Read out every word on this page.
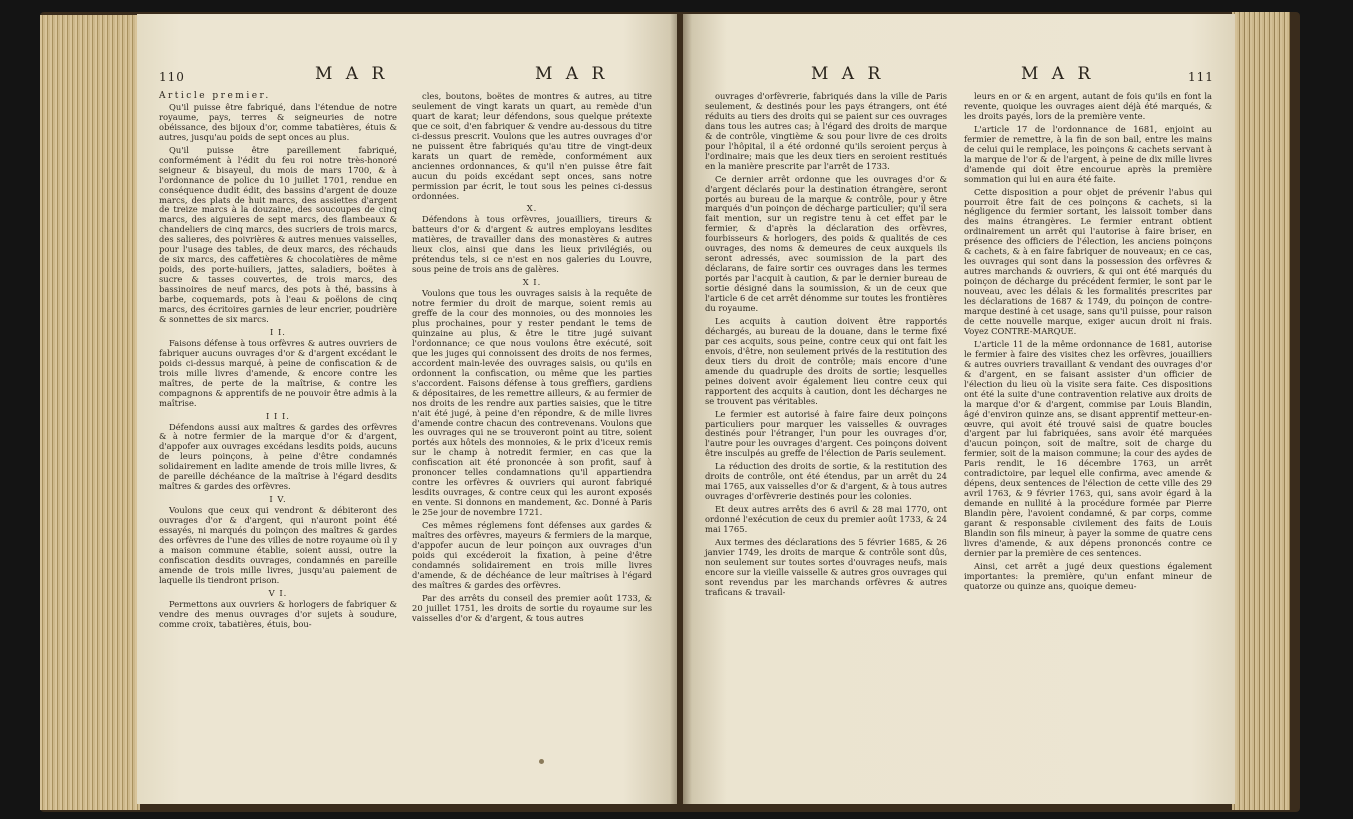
110	M A R	M A R

Article premier.

Qu'il puisse être fabriqué, dans l'étendue de notre royaume, pays, terres & seigneuries de notre obéissance, des bijoux d'or, comme tabatières, étuis & autres, jusqu'au poids de sept onces au plus.

Qu'il puisse être pareillement fabriqué, conformément à l'édit du feu roi notre très-honoré seigneur & bisayeul, du mois de mars 1700, & à l'ordonnance de police du 10 juillet 1701, rendue en conséquence dudit édit, des bassins d'argent de douze marcs, des plats de huit marcs, des assiettes d'argent de treize marcs à la douzaine, des soucoupes de cinq marcs, des aiguieres de sept marcs, des flambeaux & chandeliers de cinq marcs, des sucriers de trois marcs, des salieres, des poivrières & autres menues vaisselles, pour l'usage des tables, de deux marcs, des réchauds de six marcs, des caffetières & chocolatières de même poids, des porte-huiliers, jattes, saladiers, boëtes à sucre & tasses couvertes, de trois marcs, des bassinoires de neuf marcs, des pots à thé, bassins à barbe, coquemards, pots à l'eau & poëlons de cinq marcs, des écritoires garnies de leur encrier, poudrière & sonnettes de six marcs.

I I.

Faisons défense à tous orfèvres & autres ouvriers de fabriquer aucuns ouvrages d'or & d'argent excédant le poids ci-dessus marqué, à peine de confiscation & de trois mille livres d'amende, & encore contre les maîtres, de perte de la maîtrise, & contre les compagnons & apprentifs de ne pouvoir être admis à la maîtrise.

I I I.

Défendons aussi aux maîtres & gardes des orfèvres & à notre fermier de la marque d'or & d'argent, d'appofer aux ouvrages excédans lesdits poids, aucuns de leurs poinçons, à peine d'être condamnés solidairement en ladite amende de trois mille livres, & de pareille déchéance de la maîtrise à l'égard desdits maîtres & gardes des orfèvres.

I V.

Voulons que ceux qui vendront & débiteront des ouvrages d'or & d'argent, qui n'auront point été essayés, ni marqués du poinçon des maîtres & gardes des orfèvres de l'une des villes de notre royaume où il y a maison commune établie, soient aussi, outre la confiscation desdits ouvrages, condamnés en pareille amende de trois mille livres, jusqu'au paiement de laquelle ils tiendront prison.

V I.

Permettons aux ouvriers & horlogers de fabriquer & vendre des menus ouvrages d'or sujets à soudure, comme croix, tabatières, étuis, bou-

cles, boutons, boëtes de montres & autres, au titre seulement de vingt karats un quart, au remède d'un quart de karat; leur défendons, sous quelque prétexte que ce soit, d'en fabriquer & vendre au-dessous du titre ci-dessus prescrit. Voulons que les autres ouvrages d'or ne puissent être fabriqués qu'au titre de vingt-deux karats un quart de remède, conformément aux anciennes ordonnances, & qu'il n'en puisse être fait aucun du poids excédant sept onces, sans notre permission par écrit, le tout sous les peines ci-dessus ordonnées.

X.

Défendons à tous orfèvres, jouailliers, tireurs & batteurs d'or & d'argent & autres employans lesdites matières, de travailler dans des monastères & autres lieux clos, ainsi que dans les lieux privilégiés, ou prétendus tels, si ce n'est en nos galeries du Louvre, sous peine de trois ans de galères.

X I.

Voulons que tous les ouvrages saisis à la requête de notre fermier du droit de marque, soient remis au greffe de la cour des monnoies, ou des monnoies les plus prochaines, pour y rester pendant le tems de quinzaine au plus, & être le titre jugé suivant l'ordonnance; ce que nous voulons être exécuté, soit que les juges qui connoissent des droits de nos fermes, accordent main-levée des ouvrages saisis, ou qu'ils en ordonnent la confiscation, ou même que les parties s'accordent. Faisons défense à tous greffiers, gardiens & dépositaires, de les remettre ailleurs, & au fermier de nos droits de les rendre aux parties saisies, que le titre n'ait été jugé, à peine d'en répondre, & de mille livres d'amende contre chacun des contrevenans. Voulons que les ouvrages qui ne se trouveront point au titre, soient portés aux hôtels des monnoies, & le prix d'iceux remis sur le champ à notredit fermier, en cas que la confiscation ait été prononcée à son profit, sauf à prononcer telles condamnations qu'il appartiendra contre les orfèvres & ouvriers qui auront fabriqué lesdits ouvrages, & contre ceux qui les auront exposés en vente. Si donnons en mandement, &c. Donné à Paris le 25e jour de novembre 1721.

Ces mêmes réglemens font défenses aux gardes & maîtres des orfèvres, mayeurs & fermiers de la marque, d'appofer aucun de leur poinçon aux ouvrages d'un poids qui excéderoit la fixation, à peine d'être condamnés solidairement en trois mille livres d'amende, & de déchéance de leur maîtrises à l'égard des maîtres & gardes des orfèvres.

Par des arrêts du conseil des premier août 1733, & 20 juillet 1751, les droits de sortie du royaume sur les vaisselles d'or & d'argent, & tous autres

M A R	M A R	111

ouvrages d'orfèvrerie, fabriqués dans la ville de Paris seulement, & destinés pour les pays étrangers, ont été réduits au tiers des droits qui se paient sur ces ouvrages dans tous les autres cas; à l'égard des droits de marque & de contrôle, vingtième & sou pour livre de ces droits pour l'hôpital, il a été ordonné qu'ils seroient perçus à l'ordinaire; mais que les deux tiers en seroient restitués en la manière prescrite par l'arrêt de 1733.

Ce dernier arrêt ordonne que les ouvrages d'or & d'argent déclarés pour la destination étrangère, seront portés au bureau de la marque & contrôle, pour y être marqués d'un poinçon de décharge particulier; qu'il sera fait mention, sur un registre tenu à cet effet par le fermier, & d'après la déclaration des orfèvres, fourbisseurs & horlogers, des poids & qualités de ces ouvrages, des noms & demeures de ceux auxquels ils seront adressés, avec soumission de la part des déclarans, de faire sortir ces ouvrages dans les termes portés par l'acquit à caution, & par le dernier bureau de sortie désigné dans la soumission, & un de ceux que l'article 6 de cet arrêt dénomme sur toutes les frontières du royaume.

Les acquits à caution doivent être rapportés déchargés, au bureau de la douane, dans le terme fixé par ces acquits, sous peine, contre ceux qui ont fait les envois, d'être, non seulement privés de la restitution des deux tiers du droit de contrôle; mais encore d'une amende du quadruple des droits de sortie; lesquelles peines doivent avoir également lieu contre ceux qui rapportent des acquits à caution, dont les décharges ne se trouvent pas véritables.

Le fermier est autorisé à faire faire deux poinçons particuliers pour marquer les vaisselles & ouvrages destinés pour l'étranger, l'un pour les ouvrages d'or, l'autre pour les ouvrages d'argent. Ces poinçons doivent être insculpés au greffe de l'élection de Paris seulement.

La réduction des droits de sortie, & la restitution des droits de contrôle, ont été étendus, par un arrêt du 24 mai 1765, aux vaisselles d'or & d'argent, & à tous autres ouvrages d'orfèvrerie destinés pour les colonies.

Et deux autres arrêts des 6 avril & 28 mai 1770, ont ordonné l'exécution de ceux du premier août 1733, & 24 mai 1765.

Aux termes des déclarations des 5 février 1685, & 26 janvier 1749, les droits de marque & contrôle sont dûs, non seulement sur toutes sortes d'ouvrages neufs, mais encore sur la vieille vaisselle & autres gros ouvrages qui sont revendus par les marchands orfèvres & autres traficans & travail-

leurs en or & en argent, autant de fois qu'ils en font la revente, quoique les ouvrages aient déjà été marqués, & les droits payés, lors de la première vente.

L'article 17 de l'ordonnance de 1681, enjoint au fermier de remettre, à la fin de son bail, entre les mains de celui qui le remplace, les poinçons & cachets servant à la marque de l'or & de l'argent, à peine de dix mille livres d'amende qui doit être encourue après la première sommation qui lui en aura été faite.

Cette disposition a pour objet de prévenir l'abus qui pourroit être fait de ces poinçons & cachets, si la négligence du fermier sortant, les laissoit tomber dans des mains étrangères. Le fermier entrant obtient ordinairement un arrêt qui l'autorise à faire briser, en présence des officiers de l'élection, les anciens poinçons & cachets, & à en faire fabriquer de nouveaux; en ce cas, les ouvrages qui sont dans la possession des orfèvres & autres marchands & ouvriers, & qui ont été marqués du poinçon de décharge du précédent fermier, le sont par le nouveau, avec les délais & les formalités prescrites par les déclarations de 1687 & 1749, du poinçon de contre-marque destiné à cet usage, sans qu'il puisse, pour raison de cette nouvelle marque, exiger aucun droit ni frais. Voyez CONTRE-MARQUE.

L'article 11 de la même ordonnance de 1681, autorise le fermier à faire des visites chez les orfèvres, jouailliers & autres ouvriers travaillant & vendant des ouvrages d'or & d'argent, en se faisant assister d'un officier de l'élection du lieu où la visite sera faite. Ces dispositions ont été la suite d'une contravention relative aux droits de la marque d'or & d'argent, commise par Louis Blandin, âgé d'environ quinze ans, se disant apprentif metteur-en-œuvre, qui avoit été trouvé saisi de quatre boucles d'argent par lui fabriquées, sans avoir été marquées d'aucun poinçon, soit de maître, soit de charge du fermier, soit de la maison commune; la cour des aydes de Paris rendit, le 16 décembre 1763, un arrêt contradictoire, par lequel elle confirma, avec amende & dépens, deux sentences de l'élection de cette ville des 29 avril 1763, & 9 février 1763, qui, sans avoir égard à la demande en nullité à la procédure formée par Pierre Blandin père, l'avoient condamné, & par corps, comme garant & responsable civilement des faits de Louis Blandin son fils mineur, à payer la somme de quatre cens livres d'amende, & aux dépens prononcés contre ce dernier par la première de ces sentences.

Ainsi, cet arrêt a jugé deux questions également importantes: la première, qu'un enfant mineur de quatorze ou quinze ans, quoique demeu-
